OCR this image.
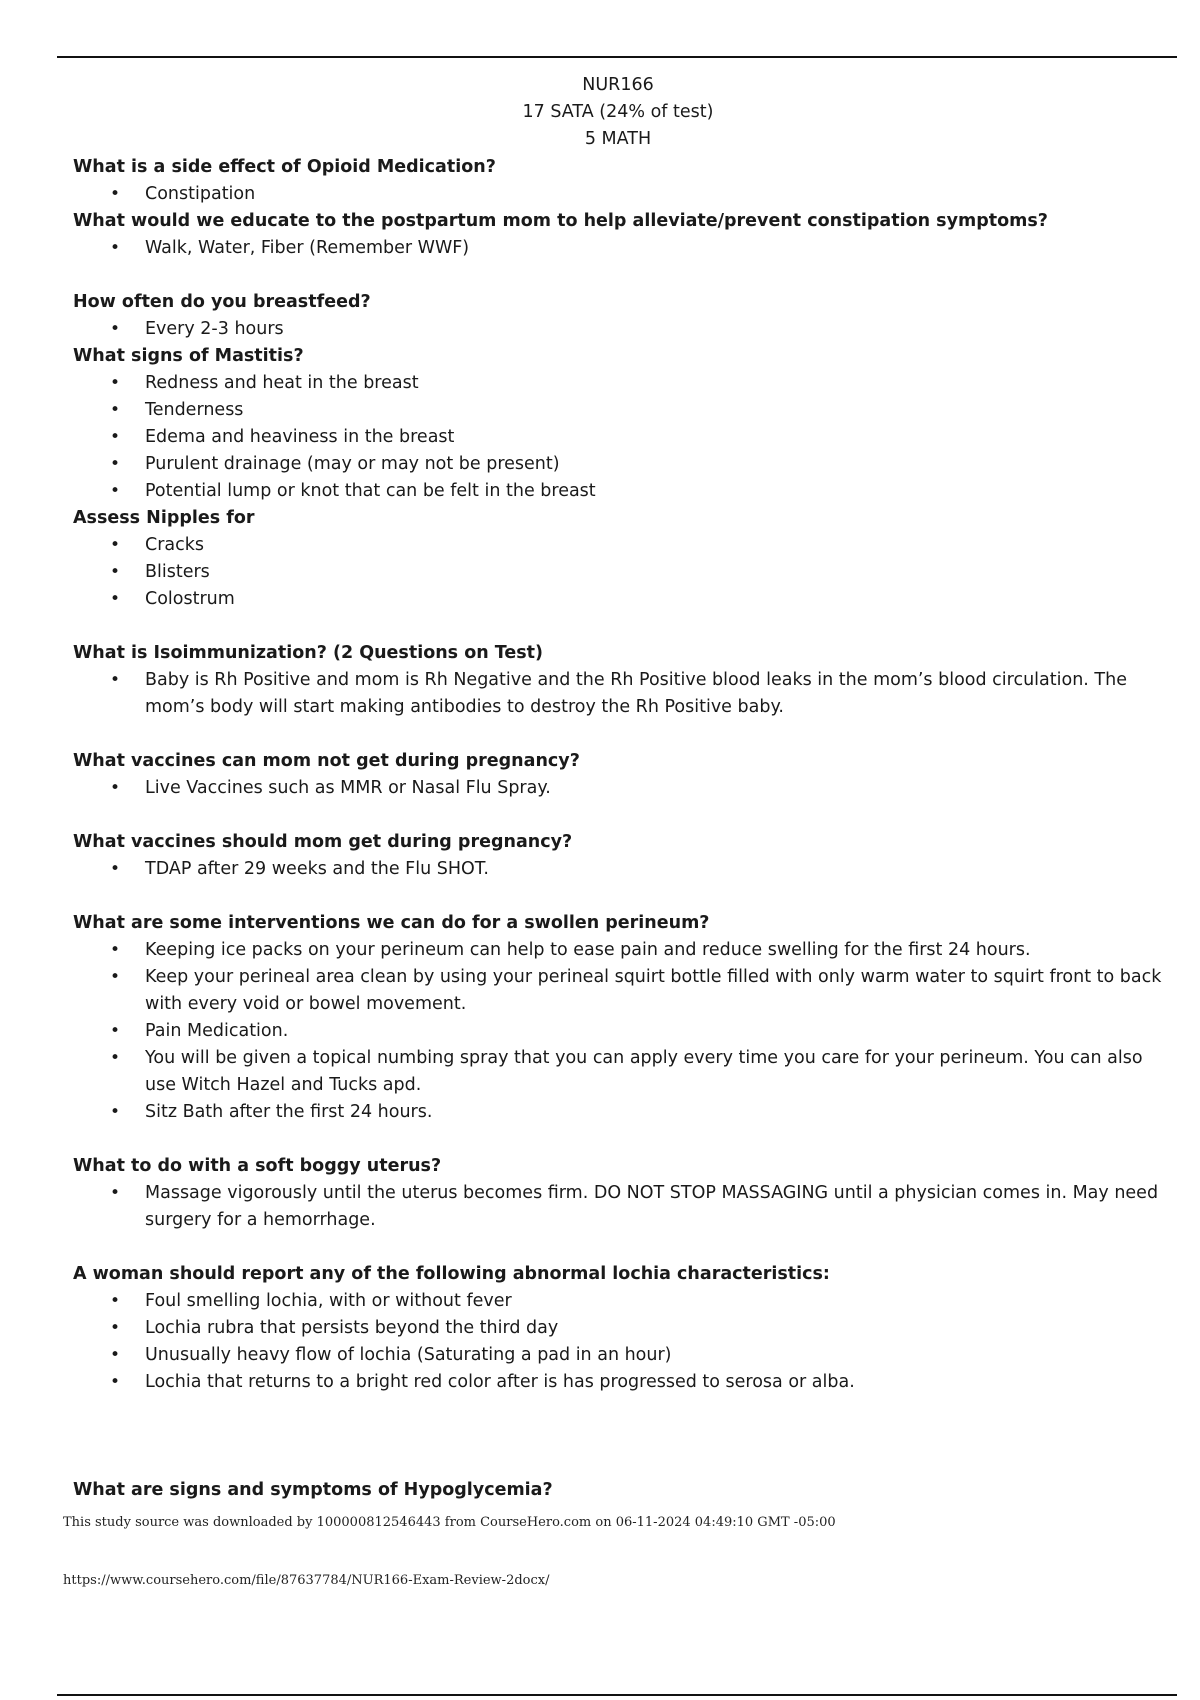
NUR166
17 SATA (24% of test)
5 MATH

What is a side effect of Opioid Medication?

• Constipation

What would we educate to the postpartum mom to help alleviate/prevent constipation symptoms?

• Walk, Water, Fiber (Remember WWF)

How often do you breastfeed?

• Every 2-3 hours

What signs of Mastitis?

• Redness and heat in the breast
• Tenderness
• Edema and heaviness in the breast
• Purulent drainage (may or may not be present)
• Potential lump or knot that can be felt in the breast

Assess Nipples for

• Cracks
• Blisters
• Colostrum

What is Isoimmunization? (2 Questions on Test)

• Baby is Rh Positive and mom is Rh Negative and the Rh Positive blood leaks in the mom’s blood circulation. The mom’s body will start making antibodies to destroy the Rh Positive baby.

What vaccines can mom not get during pregnancy?

• Live Vaccines such as MMR or Nasal Flu Spray.

What vaccines should mom get during pregnancy?

• TDAP after 29 weeks and the Flu SHOT.

What are some interventions we can do for a swollen perineum?

• Keeping ice packs on your perineum can help to ease pain and reduce swelling for the first 24 hours.
• Keep your perineal area clean by using your perineal squirt bottle filled with only warm water to squirt front to back with every void or bowel movement.
• Pain Medication.
• You will be given a topical numbing spray that you can apply every time you care for your perineum. You can also use Witch Hazel and Tucks apd.
• Sitz Bath after the first 24 hours.

What to do with a soft boggy uterus?

• Massage vigorously until the uterus becomes firm. DO NOT STOP MASSAGING until a physician comes in. May need surgery for a hemorrhage.

A woman should report any of the following abnormal lochia characteristics:

• Foul smelling lochia, with or without fever
• Lochia rubra that persists beyond the third day
• Unusually heavy flow of lochia (Saturating a pad in an hour)
• Lochia that returns to a bright red color after is has progressed to serosa or alba.

What are signs and symptoms of Hypoglycemia?

This study source was downloaded by 100000812546443 from CourseHero.com on 06-11-2024 04:49:10 GMT -05:00
https://www.coursehero.com/file/87637784/NUR166-Exam-Review-2docx/
